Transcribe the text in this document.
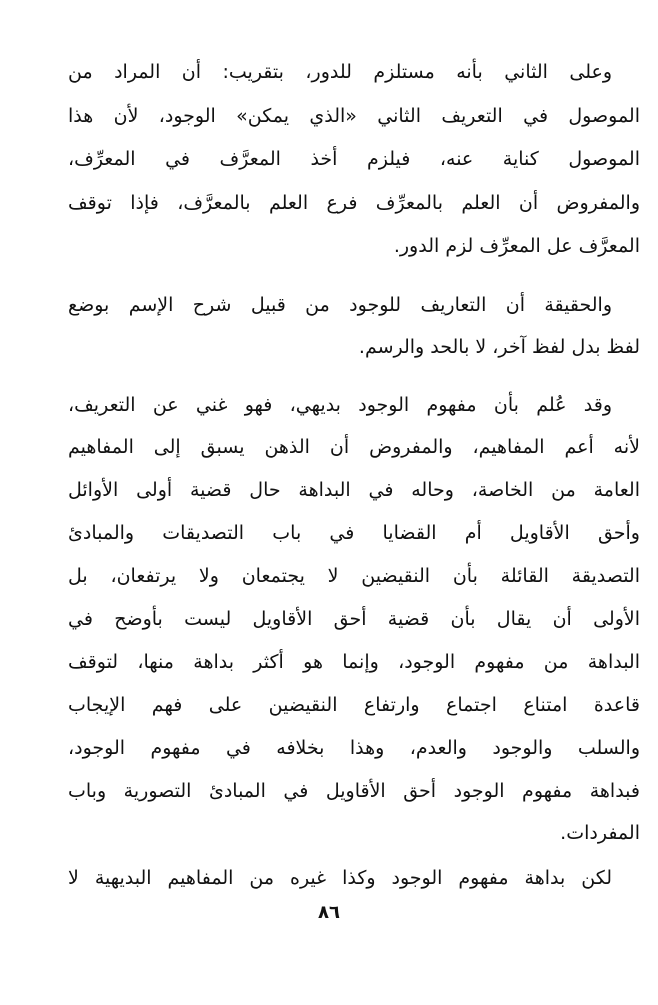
وعلى الثاني بأنه مستلزم للدور، بتقريب: أن المراد من
الموصول في التعريف الثاني «الذي يمكن» الوجود، لأن هذا
الموصول كناية عنه، فيلزم أخذ المعرَّف في المعرِّف،
والمفروض أن العلم بالمعرِّف فرع العلم بالمعرَّف، فإذا توقف
المعرَّف عل المعرِّف لزم الدور.
والحقيقة أن التعاريف للوجود من قبيل شرح الإسم بوضع
لفظ بدل لفظ آخر، لا بالحد والرسم.
وقد عُلم بأن مفهوم الوجود بديهي، فهو غني عن التعريف،
لأنه أعم المفاهيم، والمفروض أن الذهن يسبق إلى المفاهيم
العامة من الخاصة، وحاله في البداهة حال قضية أولى الأوائل
وأحق الأقاويل أم القضايا في باب التصديقات والمبادئ
التصديقة القائلة بأن النقيضين لا يجتمعان ولا يرتفعان، بل
الأولى أن يقال بأن قضية أحق الأقاويل ليست بأوضح في
البداهة من مفهوم الوجود، وإنما هو أكثر بداهة منها، لتوقف
قاعدة امتناع اجتماع وارتفاع النقيضين على فهم الإيجاب
والسلب والوجود والعدم، وهذا بخلافه في مفهوم الوجود،
فبداهة مفهوم الوجود أحق الأقاويل في المبادئ التصورية وباب
المفردات.
لكن بداهة مفهوم الوجود وكذا غيره من المفاهيم البديهية لا
٨٦
